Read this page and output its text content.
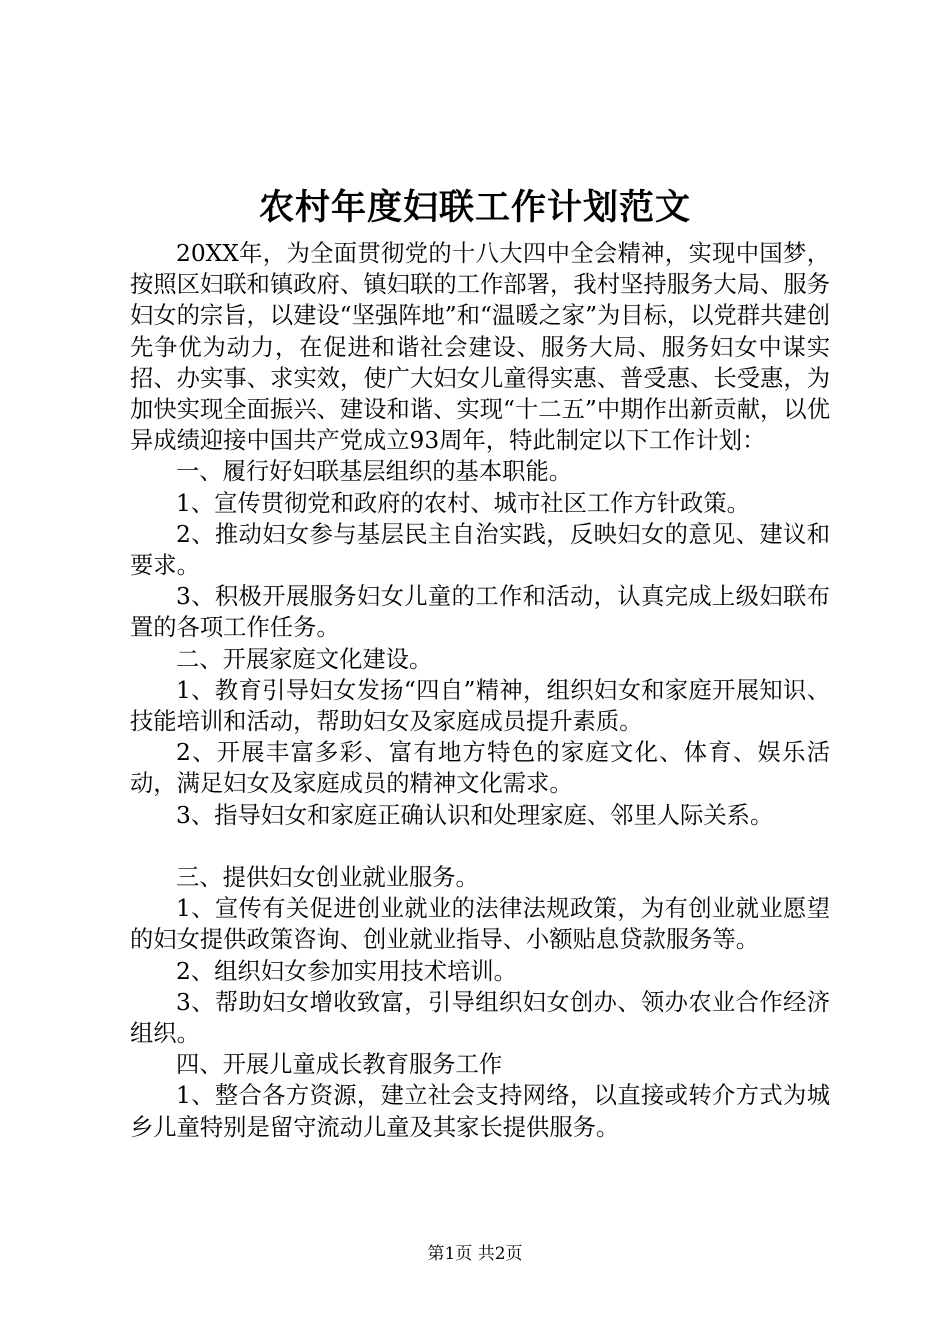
农村年度妇联工作计划范文

20XX年，为全面贯彻党的十八大四中全会精神，实现中国梦，按照区妇联和镇政府、镇妇联的工作部署，我村坚持服务大局、服务妇女的宗旨，以建设“坚强阵地”和“温暖之家”为目标，以党群共建创先争优为动力，在促进和谐社会建设、服务大局、服务妇女中谋实招、办实事、求实效，使广大妇女儿童得实惠、普受惠、长受惠，为加快实现全面振兴、建设和谐、实现“十二五”中期作出新贡献，以优异成绩迎接中国共产党成立93周年，特此制定以下工作计划：

一、履行好妇联基层组织的基本职能。

1、宣传贯彻党和政府的农村、城市社区工作方针政策。

2、推动妇女参与基层民主自治实践，反映妇女的意见、建议和要求。

3、积极开展服务妇女儿童的工作和活动，认真完成上级妇联布置的各项工作任务。

二、开展家庭文化建设。

1、教育引导妇女发扬“四自”精神，组织妇女和家庭开展知识、技能培训和活动，帮助妇女及家庭成员提升素质。

2、开展丰富多彩、富有地方特色的家庭文化、体育、娱乐活动，满足妇女及家庭成员的精神文化需求。

3、指导妇女和家庭正确认识和处理家庭、邻里人际关系。

三、提供妇女创业就业服务。

1、宣传有关促进创业就业的法律法规政策，为有创业就业愿望的妇女提供政策咨询、创业就业指导、小额贴息贷款服务等。

2、组织妇女参加实用技术培训。

3、帮助妇女增收致富，引导组织妇女创办、领办农业合作经济组织。

四、开展儿童成长教育服务工作

1、整合各方资源，建立社会支持网络，以直接或转介方式为城乡儿童特别是留守流动儿童及其家长提供服务。

第1页 共2页
